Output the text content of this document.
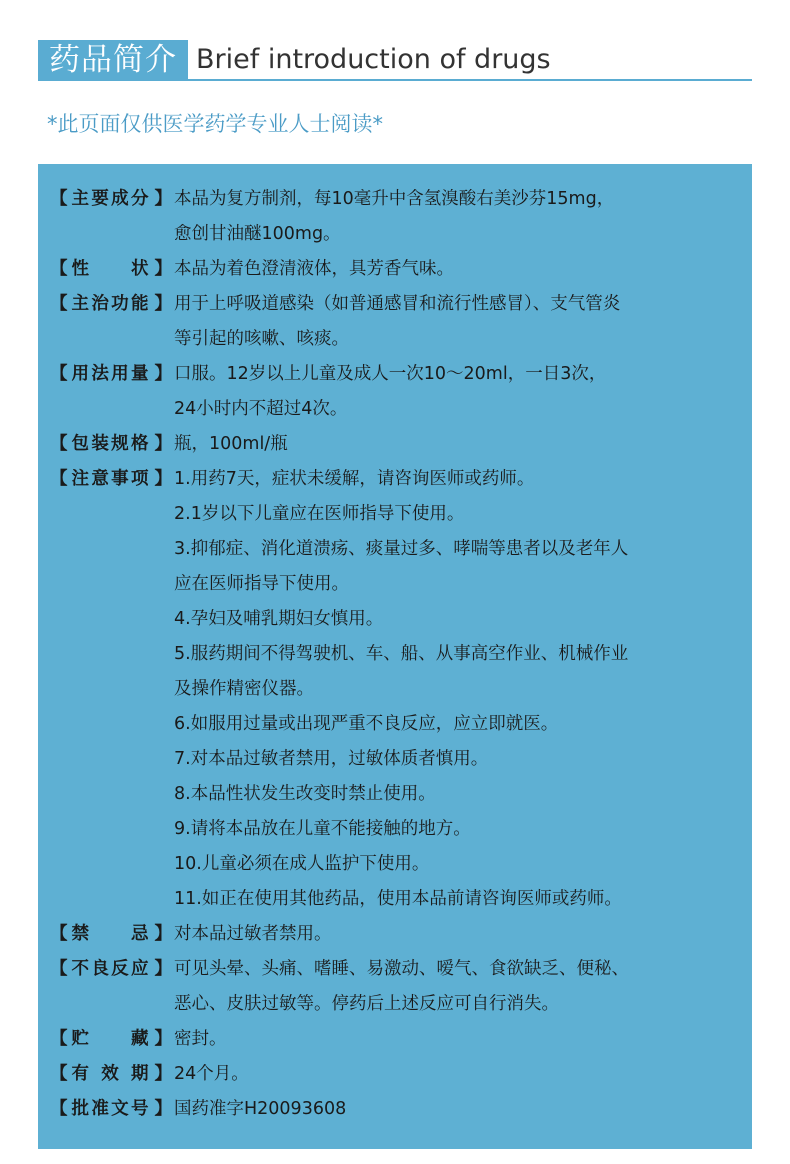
药品简介 Brief introduction of drugs
*此页面仅供医学药学专业人士阅读*
【 主 要 成 分 】 本品为复方制剂，每10毫升中含氢溴酸右美沙芬15mg，
愈创甘油醚100mg。
【 性 状 】 本品为着色澄清液体，具芳香气味。
【 主 治 功 能 】 用于上呼吸道感染（如普通感冒和流行性感冒）、支气管炎
等引起的咳嗽、咳痰。
【 用 法 用 量 】 口服。12岁以上儿童及成人一次10～20ml，一日3次，
24小时内不超过4次。
【 包 装 规 格 】 瓶，100ml/瓶
【 注 意 事 项 】 1.用药7天，症状未缓解，请咨询医师或药师。
2.1岁以下儿童应在医师指导下使用。
3.抑郁症、消化道溃疡、痰量过多、哮喘等患者以及老年人
应在医师指导下使用。
4.孕妇及哺乳期妇女慎用。
5.服药期间不得驾驶机、车、船、从事高空作业、机械作业
及操作精密仪器。
6.如服用过量或出现严重不良反应，应立即就医。
7.对本品过敏者禁用，过敏体质者慎用。
8.本品性状发生改变时禁止使用。
9.请将本品放在儿童不能接触的地方。
10.儿童必须在成人监护下使用。
11.如正在使用其他药品，使用本品前请咨询医师或药师。
【 禁 忌 】 对本品过敏者禁用。
【 不 良 反 应 】 可见头晕、头痛、嗜睡、易激动、嗳气、食欲缺乏、便秘、
恶心、皮肤过敏等。停药后上述反应可自行消失。
【 贮 藏 】 密封。
【 有 效 期 】 24个月。
【 批 准 文 号 】 国药准字H20093608
